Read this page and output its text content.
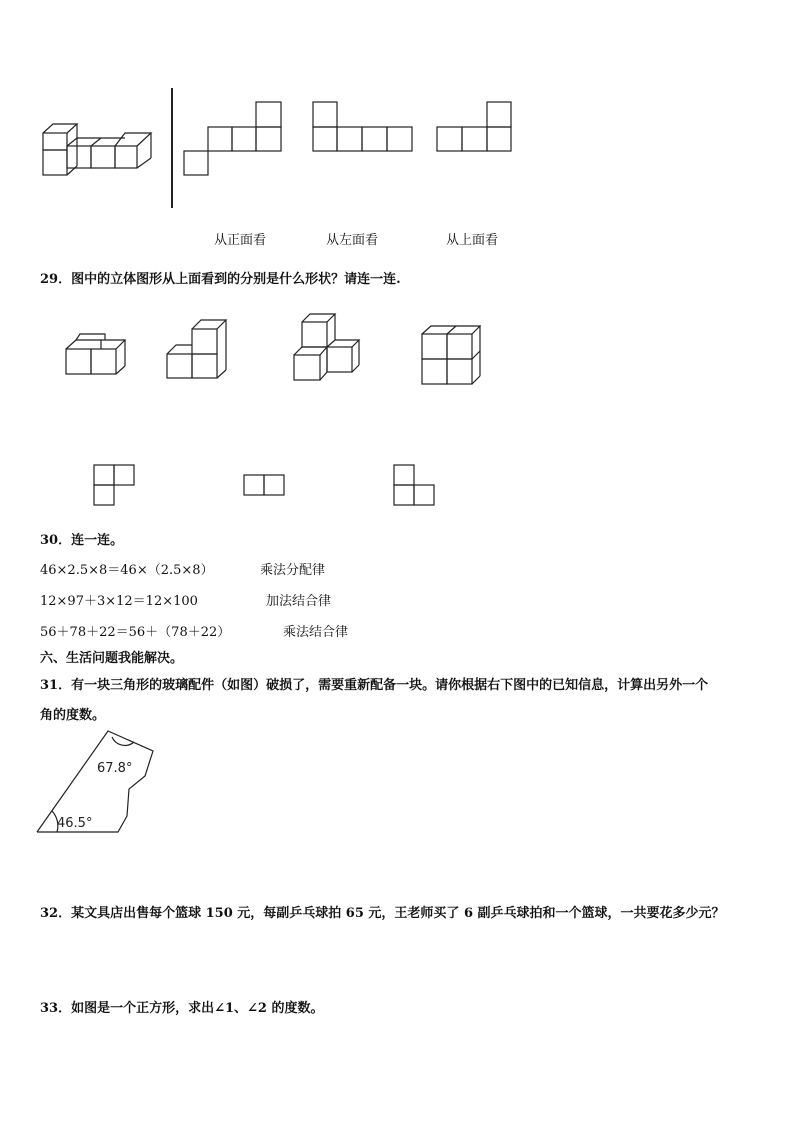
从正面看	从左面看	从上面看
29．图中的立体图形从上面看到的分别是什么形状？请连一连.
30．连一连。
46×2.5×8＝46×（2.5×8）	乘法分配律
12×97＋3×12＝12×100	加法结合律
56＋78＋22＝56＋（78＋22）	乘法结合律
六、生活问题我能解决。
31．有一块三角形的玻璃配件（如图）破损了，需要重新配备一块。请你根据右下图中的已知信息，计算出另外一个
角的度数。
67.8°
46.5°
32．某文具店出售每个篮球 150 元，每副乒乓球拍 65 元，王老师买了 6 副乒乓球拍和一个篮球，一共要花多少元？
33．如图是一个正方形，求出∠1、∠2 的度数。
